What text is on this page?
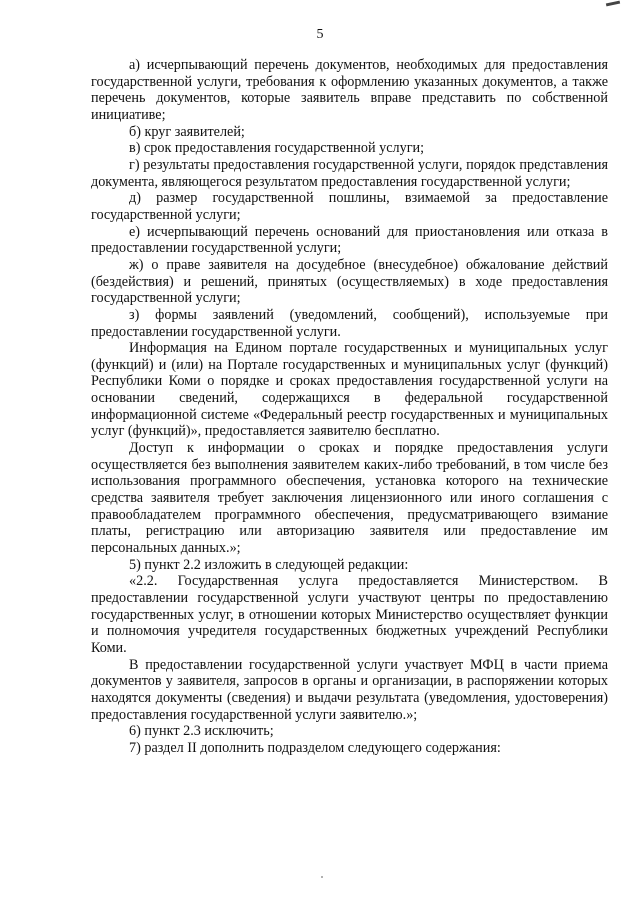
5

а) исчерпывающий перечень документов, необходимых для предоставления государственной услуги, требования к оформлению указанных документов, а также перечень документов, которые заявитель вправе представить по собственной инициативе;

б) круг заявителей;

в) срок предоставления государственной услуги;

г) результаты предоставления государственной услуги, порядок представления документа, являющегося результатом предоставления государственной услуги;

д) размер государственной пошлины, взимаемой за предоставление государственной услуги;

е) исчерпывающий перечень оснований для приостановления или отказа в предоставлении государственной услуги;

ж) о праве заявителя на досудебное (внесудебное) обжалование действий (бездействия) и решений, принятых (осуществляемых) в ходе предоставления государственной услуги;

з) формы заявлений (уведомлений, сообщений), используемые при предоставлении государственной услуги.

Информация на Едином портале государственных и муниципальных услуг (функций) и (или) на Портале государственных и муниципальных услуг (функций) Республики Коми о порядке и сроках предоставления государственной услуги на основании сведений, содержащихся в федеральной государственной информационной системе «Федеральный реестр государственных и муниципальных услуг (функций)», предоставляется заявителю бесплатно.

Доступ к информации о сроках и порядке предоставления услуги осуществляется без выполнения заявителем каких-либо требований, в том числе без использования программного обеспечения, установка которого на технические средства заявителя требует заключения лицензионного или иного соглашения с правообладателем программного обеспечения, предусматривающего взимание платы, регистрацию или авторизацию заявителя или предоставление им персональных данных.»;

5) пункт 2.2 изложить в следующей редакции:

«2.2. Государственная услуга предоставляется Министерством. В предоставлении государственной услуги участвуют центры по предоставлению государственных услуг, в отношении которых Министерство осуществляет функции и полномочия учредителя государственных бюджетных учреждений Республики Коми.

В предоставлении государственной услуги участвует МФЦ в части приема документов у заявителя, запросов в органы и организации, в распоряжении которых находятся документы (сведения) и выдачи результата (уведомления, удостоверения) предоставления государственной услуги заявителю.»;

6) пункт 2.3 исключить;

7) раздел II дополнить подразделом следующего содержания:
